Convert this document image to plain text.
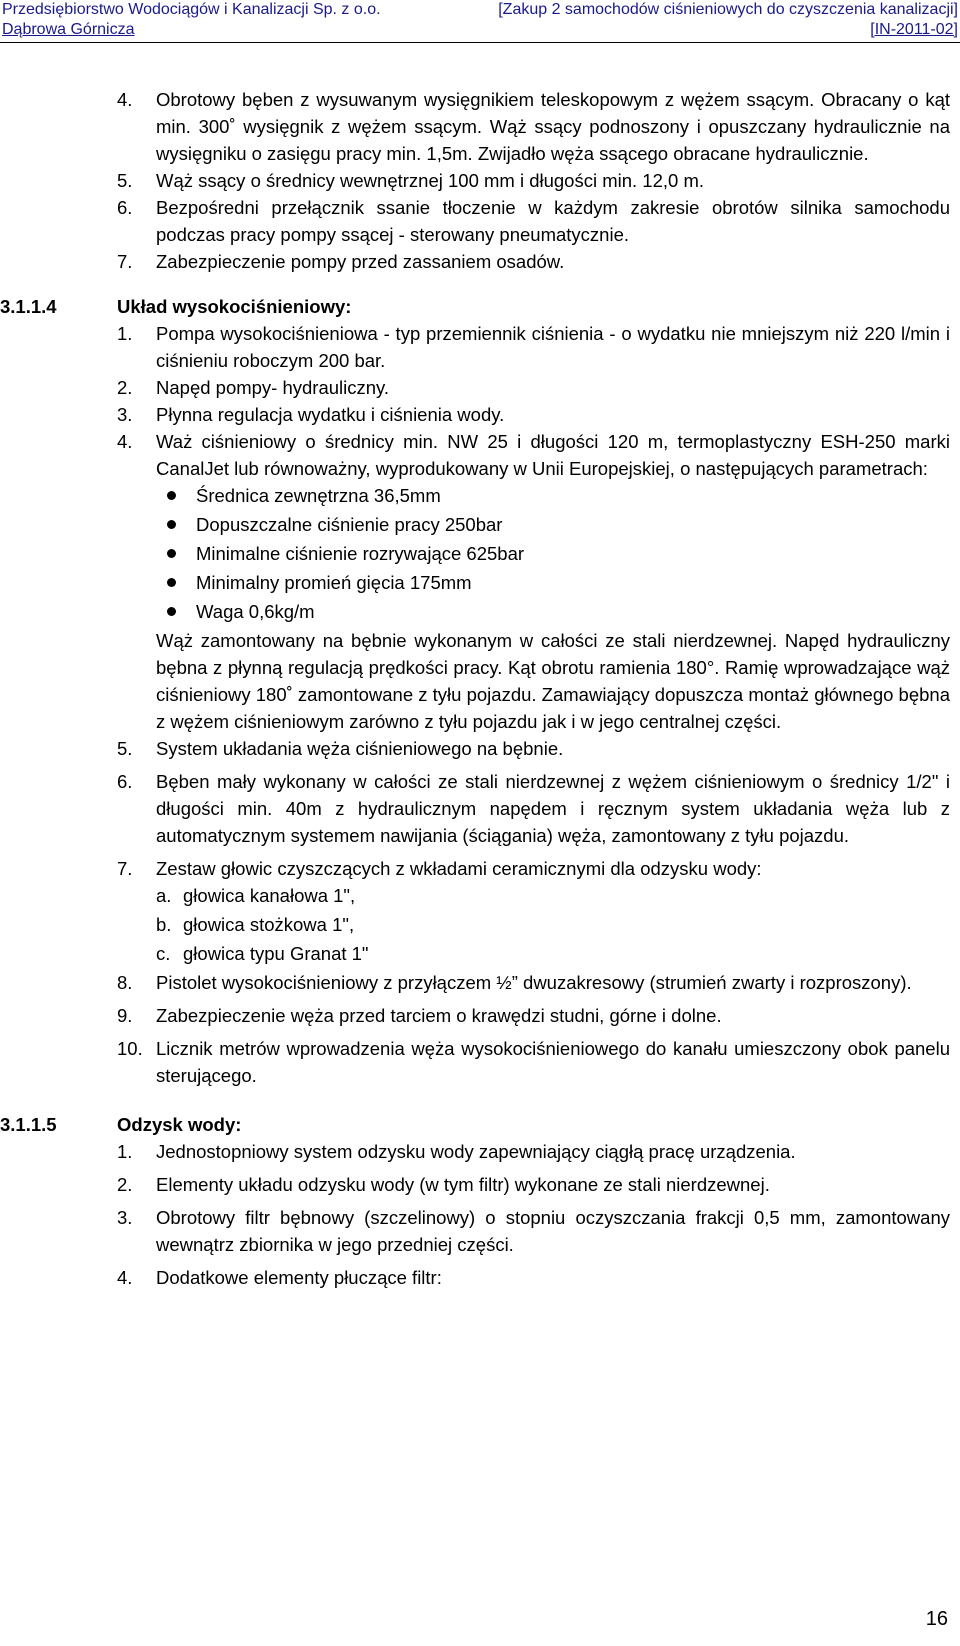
Przedsiębiorstwo Wodociągów i Kanalizacji Sp. z o.o.
Dąbrowa Górnicza
[Zakup 2 samochodów ciśnieniowych do czyszczenia kanalizacji]
[IN-2011-02]
4. Obrotowy bęben z wysuwanym wysięgnikiem teleskopowym z wężem ssącym. Obracany o kąt min. 300˚ wysięgnik z wężem ssącym. Wąż ssący podnoszony i opuszczany hydraulicznie na wysięgniku o zasięgu pracy min. 1,5m. Zwijadło węża ssącego obracane hydraulicznie.
5. Wąż ssący o średnicy wewnętrznej 100 mm i długości min. 12,0 m.
6. Bezpośredni przełącznik ssanie tłoczenie w każdym zakresie obrotów silnika samochodu podczas pracy pompy ssącej - sterowany pneumatycznie.
7. Zabezpieczenie pompy przed zassaniem osadów.
3.1.1.4	Układ wysokociśnieniowy:
1. Pompa wysokociśnieniowa - typ przemiennik ciśnienia - o wydatku nie mniejszym niż 220 l/min i ciśnieniu roboczym 200 bar.
2. Napęd pompy- hydrauliczny.
3. Płynna regulacja wydatku i ciśnienia wody.
4. Waż ciśnieniowy o średnicy min. NW 25 i długości 120 m, termoplastyczny ESH-250 marki CanalJet lub równoważny, wyprodukowany w Unii Europejskiej, o następujących parametrach:
Średnica zewnętrzna 36,5mm
Dopuszczalne ciśnienie pracy 250bar
Minimalne ciśnienie rozrywające 625bar
Minimalny promień gięcia 175mm
Waga 0,6kg/m
Wąż zamontowany na bębnie wykonanym w całości ze stali nierdzewnej. Napęd hydrauliczny bębna z płynną regulacją prędkości pracy. Kąt obrotu ramienia 180°. Ramię wprowadzające wąż ciśnieniowy 180˚ zamontowane z tyłu pojazdu. Zamawiający dopuszcza montaż głównego bębna z wężem ciśnieniowym zarówno z tyłu pojazdu jak i w jego centralnej części.
5. System układania węża ciśnieniowego na bębnie.
6. Bęben mały wykonany w całości ze stali nierdzewnej z wężem ciśnieniowym o średnicy 1/2" i długości min. 40m z hydraulicznym napędem i ręcznym system układania węża lub z automatycznym systemem nawijania (ściągania) węża, zamontowany z tyłu pojazdu.
7. Zestaw głowic czyszczących z wkładami ceramicznymi dla odzysku wody:
a. głowica kanałowa 1",
b. głowica stożkowa 1",
c. głowica typu Granat 1"
8. Pistolet wysokociśnieniowy z przyłączem ½” dwuzakresowy (strumień zwarty i rozproszony).
9. Zabezpieczenie węża przed tarciem o krawędzi studni, górne i dolne.
10. Licznik metrów wprowadzenia węża wysokociśnieniowego do kanału umieszczony obok panelu sterującego.
3.1.1.5	Odzysk wody:
1. Jednostopniowy system odzysku wody zapewniający ciągłą pracę urządzenia.
2. Elementy układu odzysku wody (w tym filtr) wykonane ze stali nierdzewnej.
3. Obrotowy filtr bębnowy (szczelinowy) o stopniu oczyszczania frakcji 0,5 mm, zamontowany wewnątrz zbiornika w jego przedniej części.
4. Dodatkowe elementy płuczące filtr:
16
